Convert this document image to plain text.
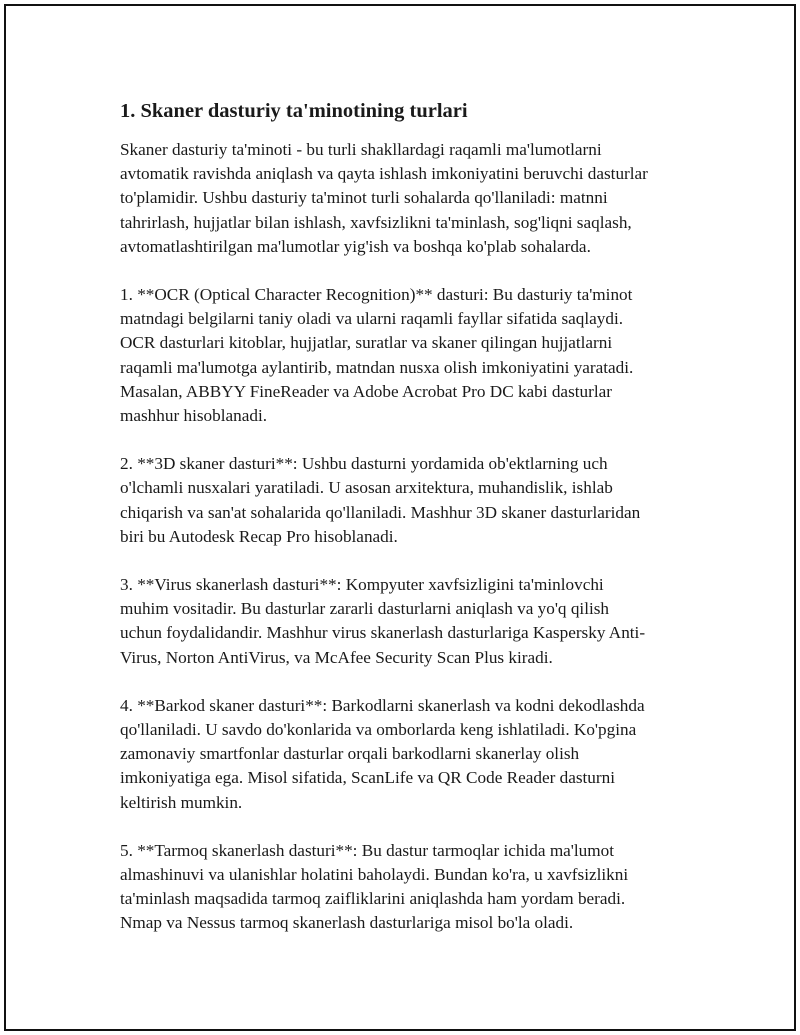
1. Skaner dasturiy ta'minotining turlari

Skaner dasturiy ta'minoti - bu turli shakllardagi raqamli ma'lumotlarni
avtomatik ravishda aniqlash va qayta ishlash imkoniyatini beruvchi dasturlar
to'plamidir. Ushbu dasturiy ta'minot turli sohalarda qo'llaniladi: matnni
tahrirlash, hujjatlar bilan ishlash, xavfsizlikni ta'minlash, sog'liqni saqlash,
avtomatlashtirilgan ma'lumotlar yig'ish va boshqa ko'plab sohalarda.

1. **OCR (Optical Character Recognition)** dasturi: Bu dasturiy ta'minot
matndagi belgilarni taniy oladi va ularni raqamli fayllar sifatida saqlaydi.
OCR dasturlari kitoblar, hujjatlar, suratlar va skaner qilingan hujjatlarni
raqamli ma'lumotga aylantirib, matndan nusxa olish imkoniyatini yaratadi.
Masalan, ABBYY FineReader va Adobe Acrobat Pro DC kabi dasturlar
mashhur hisoblanadi.

2. **3D skaner dasturi**: Ushbu dasturni yordamida ob'ektlarning uch
o'lchamli nusxalari yaratiladi. U asosan arxitektura, muhandislik, ishlab
chiqarish va san'at sohalarida qo'llaniladi. Mashhur 3D skaner dasturlaridan
biri bu Autodesk Recap Pro hisoblanadi.

3. **Virus skanerlash dasturi**: Kompyuter xavfsizligini ta'minlovchi
muhim vositadir. Bu dasturlar zararli dasturlarni aniqlash va yo'q qilish
uchun foydalidandir. Mashhur virus skanerlash dasturlariga Kaspersky Anti-
Virus, Norton AntiVirus, va McAfee Security Scan Plus kiradi.

4. **Barkod skaner dasturi**: Barkodlarni skanerlash va kodni dekodlashda
qo'llaniladi. U savdo do'konlarida va omborlarda keng ishlatiladi. Ko'pgina
zamonaviy smartfonlar dasturlar orqali barkodlarni skanerlay olish
imkoniyatiga ega. Misol sifatida, ScanLife va QR Code Reader dasturni
keltirish mumkin.

5. **Tarmoq skanerlash dasturi**: Bu dastur tarmoqlar ichida ma'lumot
almashinuvi va ulanishlar holatini baholaydi. Bundan ko'ra, u xavfsizlikni
ta'minlash maqsadida tarmoq zaifliklarini aniqlashda ham yordam beradi.
Nmap va Nessus tarmoq skanerlash dasturlariga misol bo'la oladi.
